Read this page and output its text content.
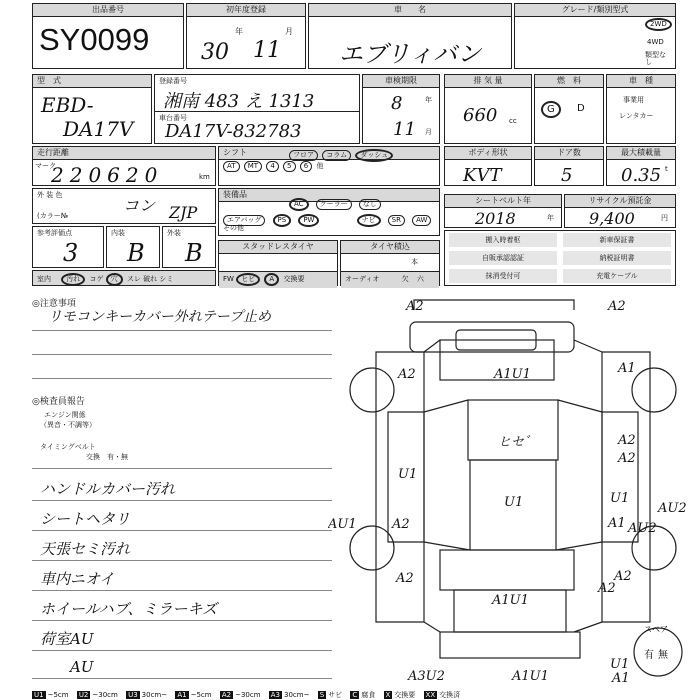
出品番号
SY0099
初年度登録
30
年
11
月
車　　名
エブリィバン
グレード/類別型式
2WD
4WD
類型なし
型　式
EBD-
DA17V
登録番号
湘南 483 え 1313
車台番号
DA17V-832783
車検期限
8	年
11 月
排 気 量
660 cc
燃　料
G	D
車　種
事業用
レンタカー
走行距離
マーク
220620	km
シフト
AT MT 4 5 6 他
フロア コラム ダッシュ	ボディ形状
KVT
ドア数
5
最大積載量
0.35 t
外 装 色
(カラー№
コン ZJP
装備品
AC クーラー なし
エアバッグ PS PW	ナビ SR AW
その他
シートベルト年
2018	年
リサイクル預託金
9,400	円
参考評価点
3
内装
B
外装
B	スタッドレスタイヤ
FW ヒビ A 交換要
タイヤ積込
本
オーディオ	欠 六
室内 汚れ コゲ 穴 スレ 破れ シミ
搬入時着枢	新車保証書
自販承認認証	納税証明書
抹消受付可	充電ケーブル
◎注意事項
リモコンキーカバー外れテープ止め
◎検査員報告
エンジン関係
（異音・不調等）
タイミングベルト
交換　有・無
ハンドルカバー汚れ
シートヘタリ
天張セミ汚れ
車内ニオイ
ホイールハブ、ミラーキズ
荷室AU
　　AU
A2	A2
A1
A2	A1U1
U1
A2
A2
A1
A2
U1
A2
U1
AU1
AU2
A2
AU2
A2
A1U1
A1U1
U1
A1
A3U2
ヒセ゛
スペア
有 無
U1 ~5cm U2 ~30cm U3 30cm~ A1 ~5cm A2 ~30cm A3 30cm~ S サビ C 腐食 X 交換要 XX 交換済
